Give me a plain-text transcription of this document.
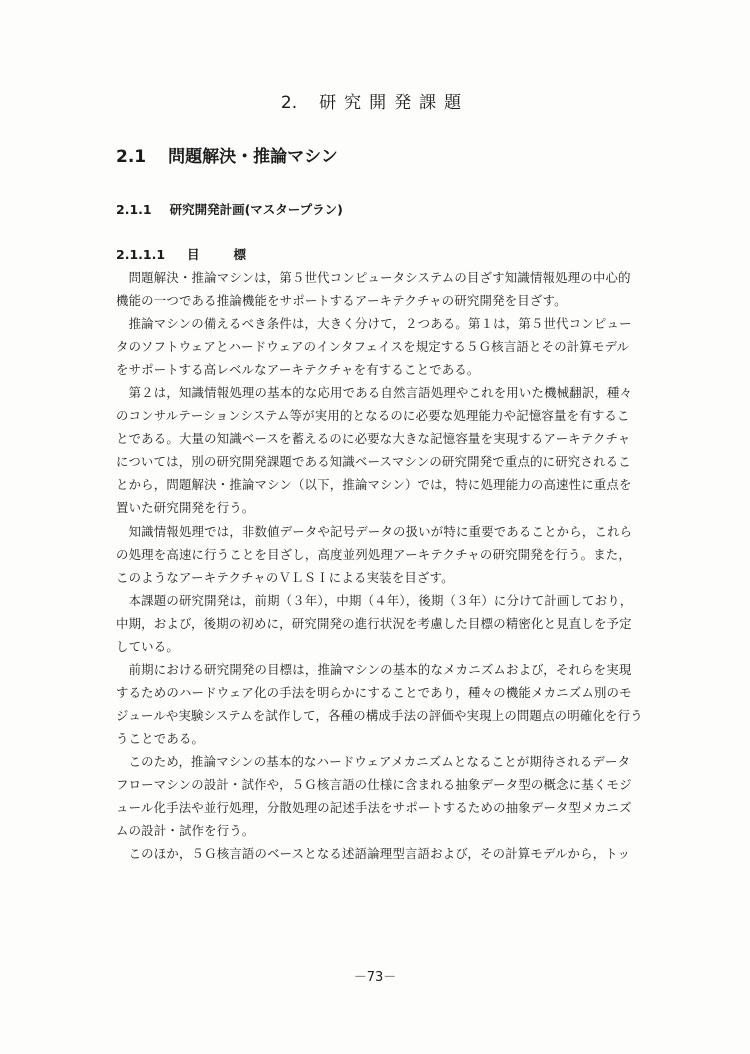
2. 研究開発課題
2.1 問題解決・推論マシン
2.1.1 研究開発計画(マスタープラン)
2.1.1.1 目標
　問題解決・推論マシンは，第５世代コンピュータシステムの目ざす知識情報処理の中心的
機能の一つである推論機能をサポートするアーキテクチャの研究開発を目ざす。
　推論マシンの備えるべき条件は，大きく分けて，２つある。第１は，第５世代コンピュー
タのソフトウェアとハードウェアのインタフェイスを規定する５Ｇ核言語とその計算モデル
をサポートする高レベルなアーキテクチャを有することである。
　第２は，知識情報処理の基本的な応用である自然言語処理やこれを用いた機械翻訳，種々
のコンサルテーションシステム等が実用的となるのに必要な処理能力や記憶容量を有するこ
とである。大量の知識ベースを蓄えるのに必要な大きな記憶容量を実現するアーキテクチャ
については，別の研究開発課題である知識ベースマシンの研究開発で重点的に研究されるこ
とから，問題解決・推論マシン（以下，推論マシン）では，特に処理能力の高速性に重点を
置いた研究開発を行う。
　知識情報処理では，非数値データや記号データの扱いが特に重要であることから，これら
の処理を高速に行うことを目ざし，高度並列処理アーキテクチャの研究開発を行う。また，
このようなアーキテクチャのＶＬＳＩによる実装を目ざす。
　本課題の研究開発は，前期（３年），中期（４年），後期（３年）に分けて計画しており，
中期，および，後期の初めに，研究開発の進行状況を考慮した目標の精密化と見直しを予定
している。
　前期における研究開発の目標は，推論マシンの基本的なメカニズムおよび，それらを実現
するためのハードウェア化の手法を明らかにすることであり，種々の機能メカニズム別のモ
ジュールや実験システムを試作して，各種の構成手法の評価や実現上の問題点の明確化を行う
うことである。
　このため，推論マシンの基本的なハードウェアメカニズムとなることが期待されるデータ
フローマシンの設計・試作や，５Ｇ核言語の仕様に含まれる抽象データ型の概念に基くモジ
ュール化手法や並行処理，分散処理の記述手法をサポートするための抽象データ型メカニズ
ムの設計・試作を行う。
　このほか，５Ｇ核言語のベースとなる述語論理型言語および，その計算モデルから，トッ
－73－
